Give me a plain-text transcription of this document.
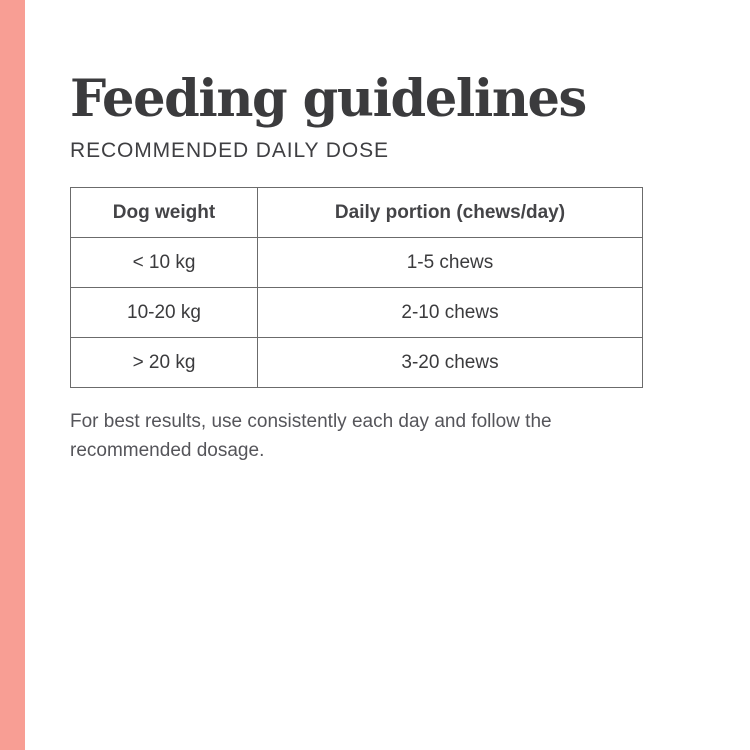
Feeding guidelines
RECOMMENDED DAILY DOSE
Dog weight	Daily portion (chews/day)
< 10 kg	1-5 chews
10-20 kg	2-10 chews
> 20 kg	3-20 chews

For best results, use consistently each day and follow the recommended dosage.
